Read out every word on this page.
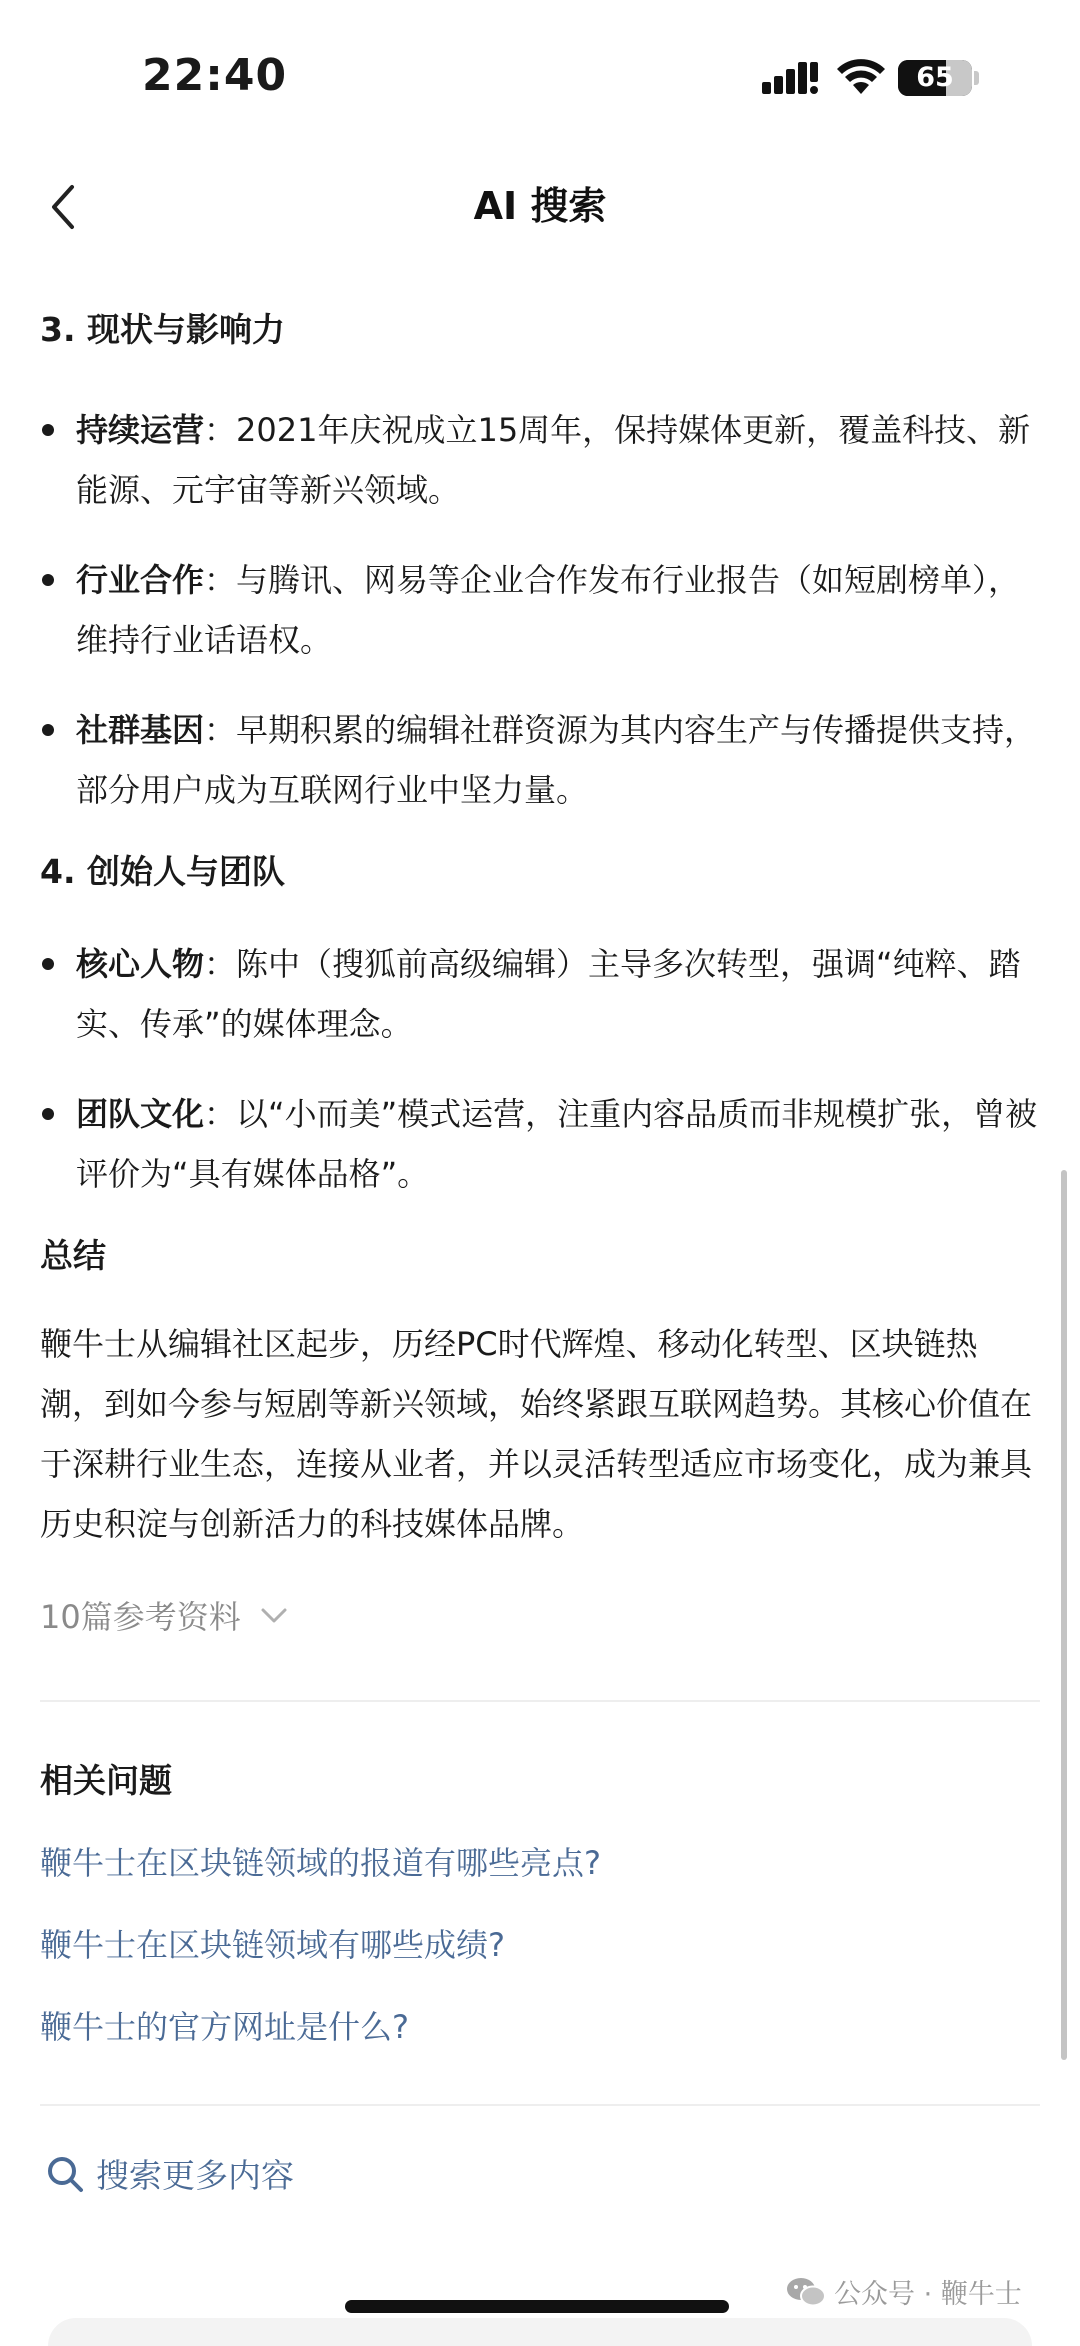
22:40	65
AI 搜索
3. 现状与影响力
持续运营：2021年庆祝成立15周年，保持媒体更新，覆盖科技、新能源、元宇宙等新兴领域。
行业合作：与腾讯、网易等企业合作发布行业报告（如短剧榜单），维持行业话语权。
社群基因：早期积累的编辑社群资源为其内容生产与传播提供支持，部分用户成为互联网行业中坚力量。
4. 创始人与团队
核心人物：陈中（搜狐前高级编辑）主导多次转型，强调“纯粹、踏实、传承”的媒体理念。
团队文化：以“小而美”模式运营，注重内容品质而非规模扩张，曾被评价为“具有媒体品格”。
总结
鞭牛士从编辑社区起步，历经PC时代辉煌、移动化转型、区块链热潮，到如今参与短剧等新兴领域，始终紧跟互联网趋势。其核心价值在于深耕行业生态，连接从业者，并以灵活转型适应市场变化，成为兼具历史积淀与创新活力的科技媒体品牌。
10篇参考资料
相关问题
鞭牛士在区块链领域的报道有哪些亮点?
鞭牛士在区块链领域有哪些成绩?
鞭牛士的官方网址是什么?
搜索更多内容
公众号 · 鞭牛士
